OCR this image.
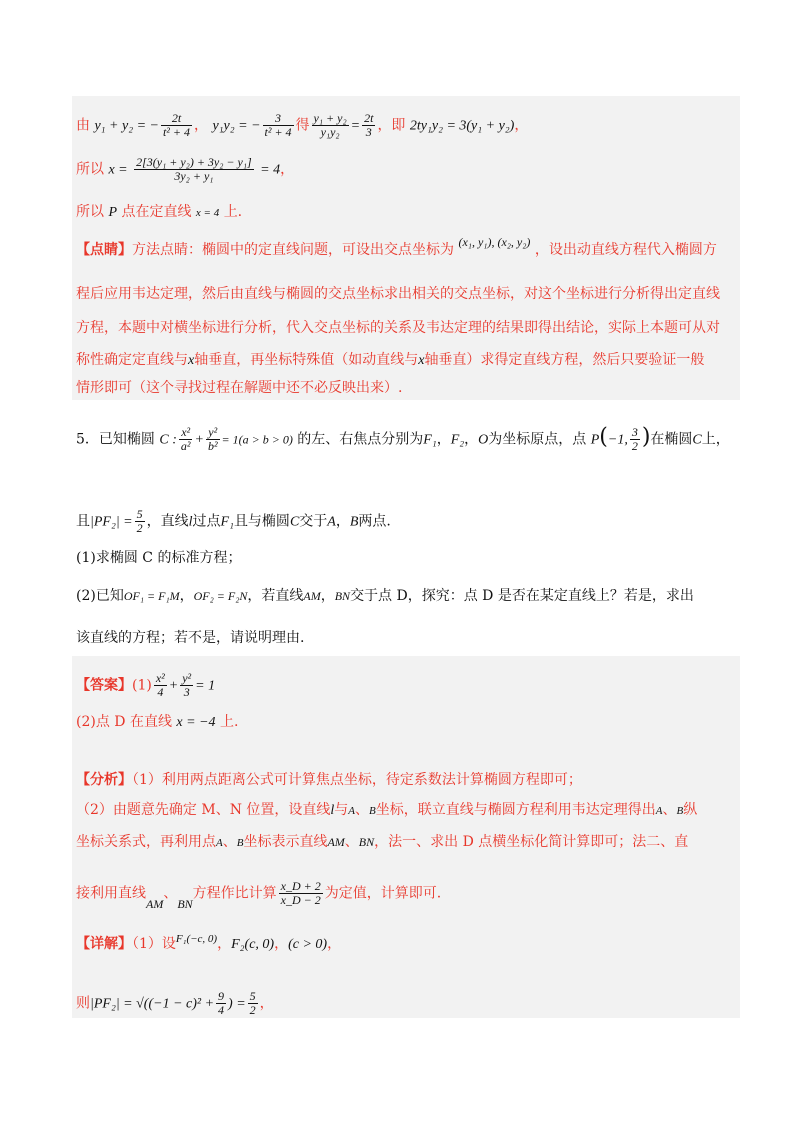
由 y₁ + y₂ = − $\frac{2t}{\text{t² + 4}}$ ， y₁y₂ = − $\frac{3}{\text{t² + 4}}$ 得 $\frac{\text{y₁ + y₂}}{\text{y₁y₂}} = \frac{2t}{3}$ ，即 2ty₁y₂ = 3(y₁ + y₂)，
所以 $x = \frac{\text{2[3(y₁ + y₂) + 3y₂ − y₁]}}{\text{3y₂ + y₁}} = 4$，
所以 P 点在定直线 x = 4 上.
【点睛】方法点睛：椭圆中的定直线问题，可设出交点坐标为 (x₁, y₁), (x₂, y₂) ，设出动直线方程代入椭圆方
程后应用韦达定理，然后由直线与椭圆的交点坐标求出相关的交点坐标，对这个坐标进行分析得出定直线
方程，本题中对横坐标进行分析，代入交点坐标的关系及韦达定理的结果即得出结论，实际上本题可从对
称性确定定直线与x轴垂直，再坐标特殊值（如动直线与x轴垂直）求得定直线方程，然后只要验证一般
情形即可（这个寻找过程在解题中还不必反映出来）.
5．已知椭圆 C : $\frac{\text{x²}}{\text{a²}} + \frac{\text{y²}}{\text{b²}} = 1(a > b > 0)$ 的左、右焦点分别为F₁，F₂，O为坐标原点，点 P(−1, $\frac{3}{2}$ )在椭圆C上，
且$|PF_2| = \frac{5}{2}$ ，直线l过点F₁且与椭圆C交于A，B两点.
(1)求椭圆 C 的标准方程；
(2)已知OF₁ = F₁M，OF₂ = F₂N，若直线AM，BN交于点 D，探究：点 D 是否在某定直线上？若是，求出
该直线的方程；若不是，请说明理由.
【答案】$(1) \frac{\text{x²}}{4} + \frac{\text{y²}}{3} = 1$
(2)点 D 在直线 x = −4 上.
【分析】（1）利用两点距离公式可计算焦点坐标，待定系数法计算椭圆方程即可；
（2）由题意先确定 M、N 位置，设直线l与A、B坐标，联立直线与椭圆方程利用韦达定理得出A、B纵
坐标关系式，再利用点A、B坐标表示直线AM、BN，法一、求出 D 点横坐标化简计算即可；法二、直
接利用直线AM、BN方程作比计算 $\frac{x\_D + 2}{x\_D - 2}$ 为定值，计算即可.
【详解】（1）设$^{F_1(-c, 0)}$，F₂(c, 0)，(c > 0)，
则$|PF_2| = √((-1 - c)^2 + \frac{9}{4}$ ) = $\frac{5}{2}$ ，
